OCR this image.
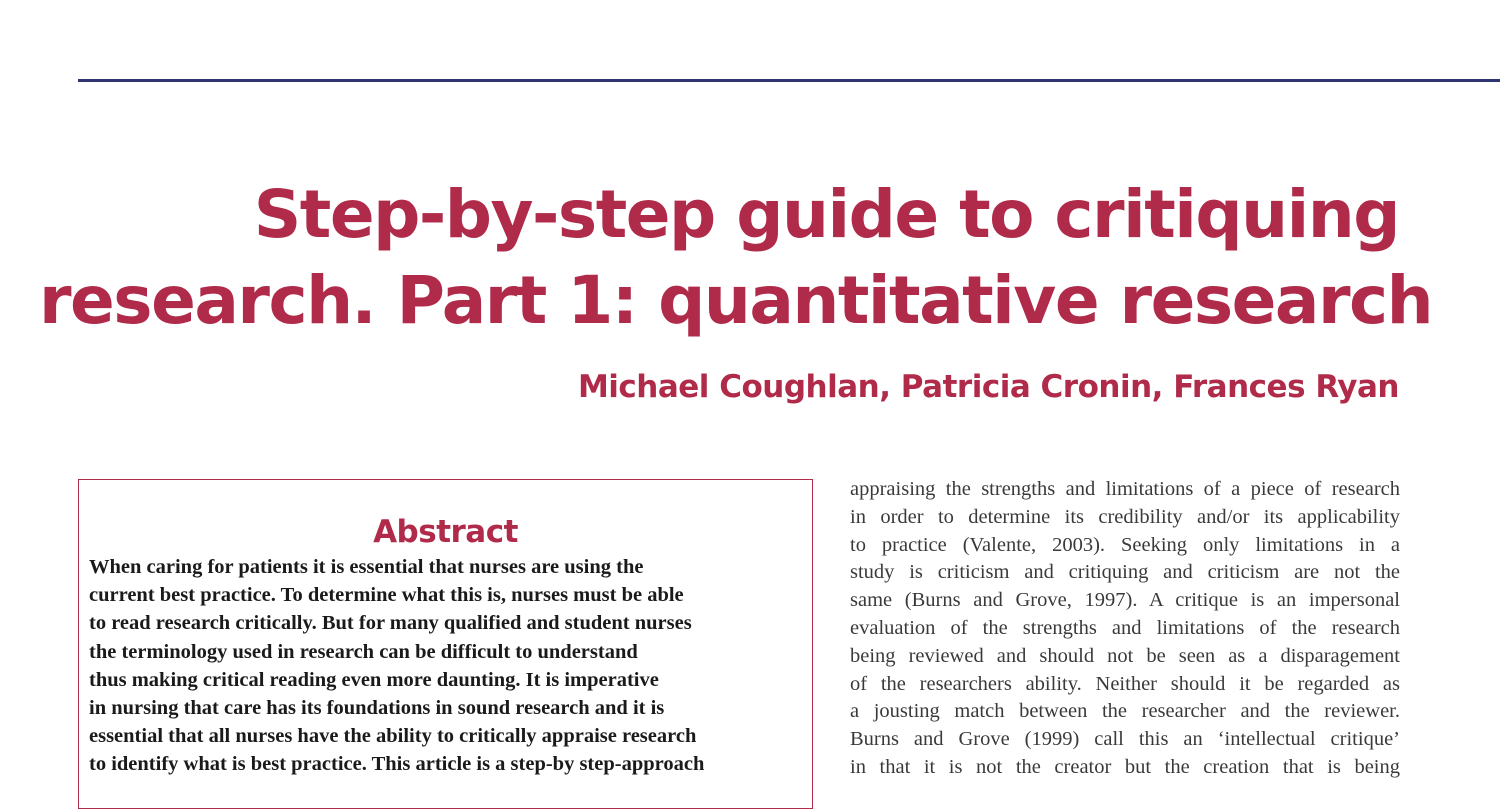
Step-by-step guide to critiquing
research. Part 1: quantitative research

Michael Coughlan, Patricia Cronin, Frances Ryan

Abstract
When caring for patients it is essential that nurses are using the
current best practice. To determine what this is, nurses must be able
to read research critically. But for many qualified and student nurses
the terminology used in research can be difficult to understand
thus making critical reading even more daunting. It is imperative
in nursing that care has its foundations in sound research and it is
essential that all nurses have the ability to critically appraise research
to identify what is best practice. This article is a step-by step-approach
appraising the strengths and limitations of a piece of research
in order to determine its credibility and/or its applicability
to practice (Valente, 2003). Seeking only limitations in a
study is criticism and critiquing and criticism are not the
same (Burns and Grove, 1997). A critique is an impersonal
evaluation of the strengths and limitations of the research
being reviewed and should not be seen as a disparagement
of the researchers ability. Neither should it be regarded as
a jousting match between the researcher and the reviewer.
Burns and Grove (1999) call this an ‘intellectual critique’
in that it is not the creator but the creation that is being
